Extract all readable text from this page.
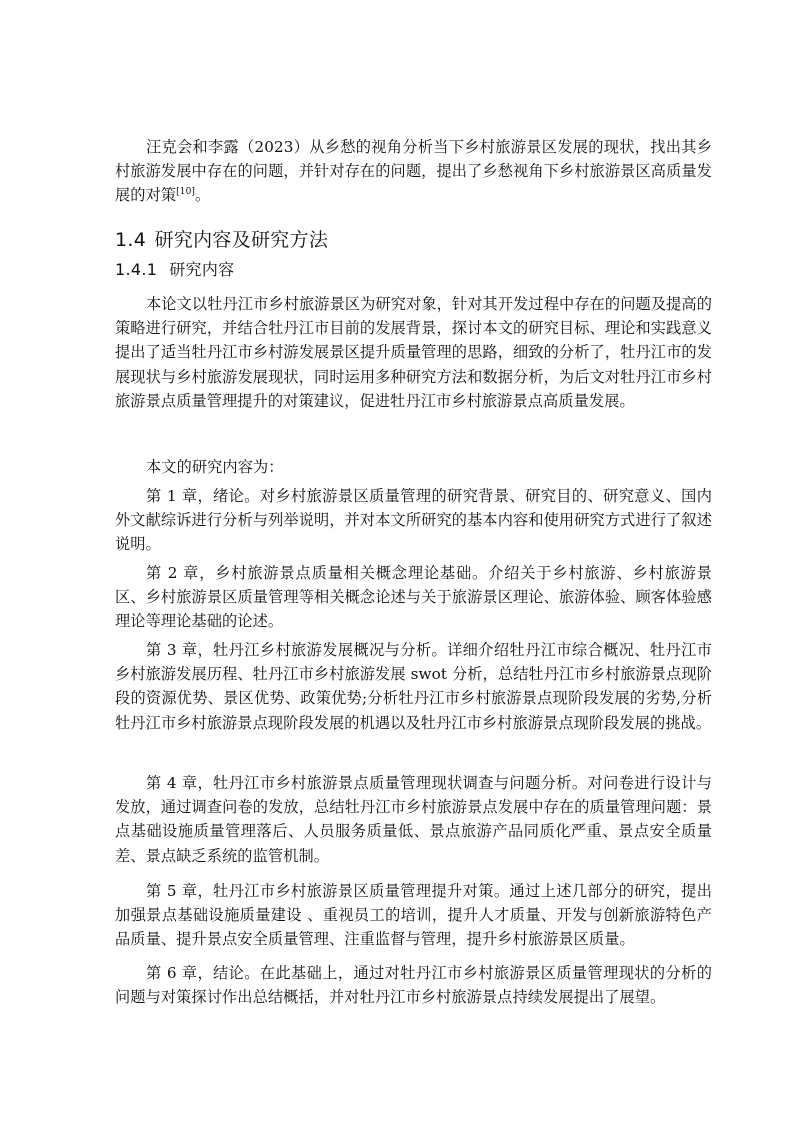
汪克会和李露（2023）从乡愁的视角分析当下乡村旅游景区发展的现状，找出其乡村旅游发展中存在的问题，并针对存在的问题，提出了乡愁视角下乡村旅游景区高质量发展的对策[10]。

1.4 研究内容及研究方法
1.4.1 研究内容

本论文以牡丹江市乡村旅游景区为研究对象，针对其开发过程中存在的问题及提高的策略进行研究，并结合牡丹江市目前的发展背景，探讨本文的研究目标、理论和实践意义提出了适当牡丹江市乡村游发展景区提升质量管理的思路，细致的分析了，牡丹江市的发展现状与乡村旅游发展现状，同时运用多种研究方法和数据分析，为后文对牡丹江市乡村旅游景点质量管理提升的对策建议，促进牡丹江市乡村旅游景点高质量发展。

本文的研究内容为：

第 1 章，绪论。对乡村旅游景区质量管理的研究背景、研究目的、研究意义、国内外文献综诉进行分析与列举说明，并对本文所研究的基本内容和使用研究方式进行了叙述说明。

第 2 章，乡村旅游景点质量相关概念理论基础。介绍关于乡村旅游、乡村旅游景区、乡村旅游景区质量管理等相关概念论述与关于旅游景区理论、旅游体验、顾客体验感理论等理论基础的论述。

第 3 章，牡丹江乡村旅游发展概况与分析。详细介绍牡丹江市综合概况、牡丹江市乡村旅游发展历程、牡丹江市乡村旅游发展 swot 分析，总结牡丹江市乡村旅游景点现阶段的资源优势、景区优势、政策优势;分析牡丹江市乡村旅游景点现阶段发展的劣势,分析牡丹江市乡村旅游景点现阶段发展的机遇以及牡丹江市乡村旅游景点现阶段发展的挑战。

第 4 章，牡丹江市乡村旅游景点质量管理现状调查与问题分析。对问卷进行设计与发放，通过调查问卷的发放，总结牡丹江市乡村旅游景点发展中存在的质量管理问题：景点基础设施质量管理落后、人员服务质量低、景点旅游产品同质化严重、景点安全质量差、景点缺乏系统的监管机制。

第 5 章，牡丹江市乡村旅游景区质量管理提升对策。通过上述几部分的研究，提出加强景点基础设施质量建设 、重视员工的培训，提升人才质量、开发与创新旅游特色产品质量、提升景点安全质量管理、注重监督与管理，提升乡村旅游景区质量。

第 6 章，结论。在此基础上，通过对牡丹江市乡村旅游景区质量管理现状的分析的问题与对策探讨作出总结概括，并对牡丹江市乡村旅游景点持续发展提出了展望。
